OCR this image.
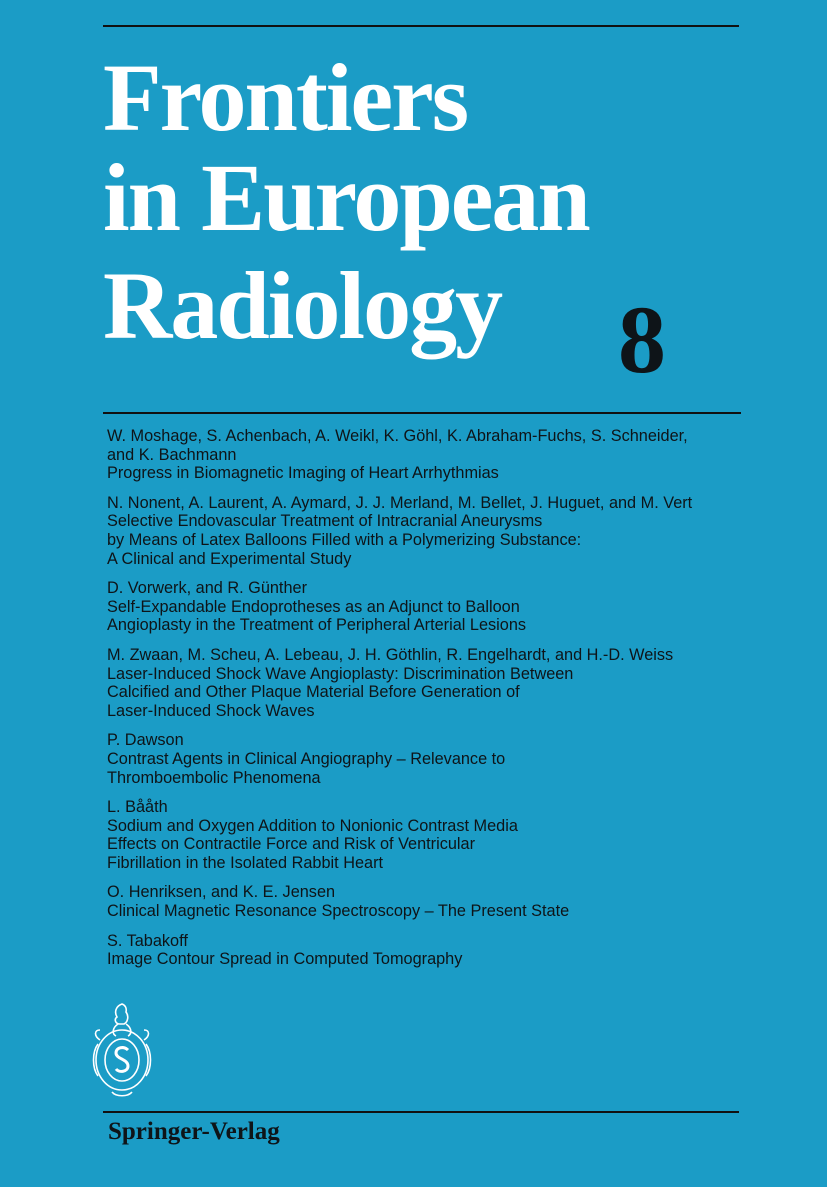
Frontiers
in European
Radiology 8
W. Moshage, S. Achenbach, A. Weikl, K. Göhl, K. Abraham-Fuchs, S. Schneider,
and K. Bachmann
Progress in Biomagnetic Imaging of Heart Arrhythmias
N. Nonent, A. Laurent, A. Aymard, J. J. Merland, M. Bellet, J. Huguet, and M. Vert
Selective Endovascular Treatment of Intracranial Aneurysms
by Means of Latex Balloons Filled with a Polymerizing Substance:
A Clinical and Experimental Study
D. Vorwerk, and R. Günther
Self-Expandable Endoprotheses as an Adjunct to Balloon
Angioplasty in the Treatment of Peripheral Arterial Lesions
M. Zwaan, M. Scheu, A. Lebeau, J. H. Göthlin, R. Engelhardt, and H.-D. Weiss
Laser-Induced Shock Wave Angioplasty: Discrimination Between
Calcified and Other Plaque Material Before Generation of
Laser-Induced Shock Waves
P. Dawson
Contrast Agents in Clinical Angiography – Relevance to
Thromboembolic Phenomena
L. Bååth
Sodium and Oxygen Addition to Nonionic Contrast Media
Effects on Contractile Force and Risk of Ventricular
Fibrillation in the Isolated Rabbit Heart
O. Henriksen, and K. E. Jensen
Clinical Magnetic Resonance Spectroscopy – The Present State
S. Tabakoff
Image Contour Spread in Computed Tomography
Springer-Verlag
